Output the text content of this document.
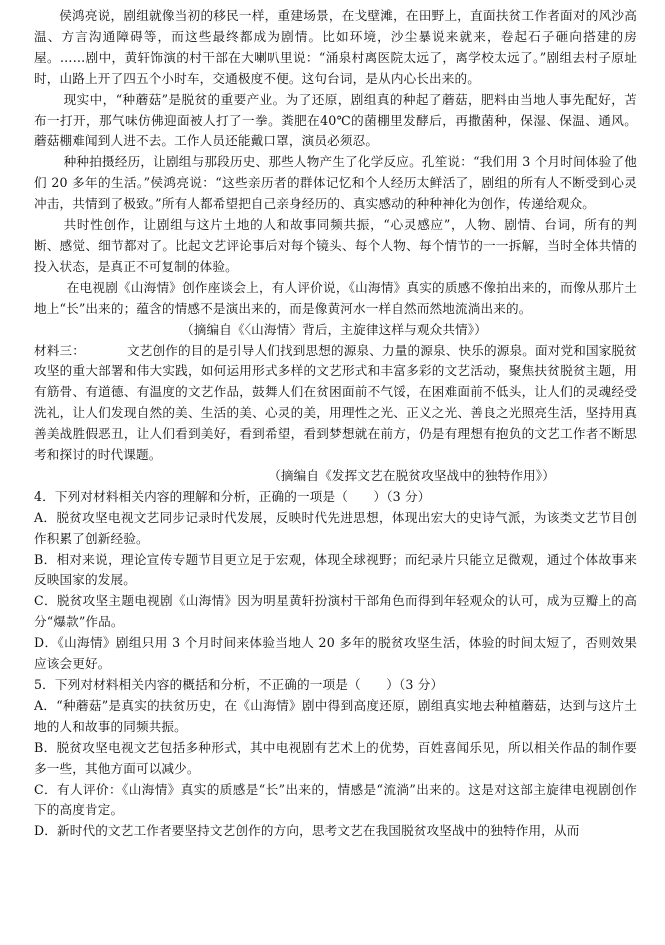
侯鸿亮说，剧组就像当初的移民一样，重建场景，在戈壁滩，在田野上，直面扶贫工作者面对的风沙高温、方言沟通障碍等，而这些最终都成为剧情。比如环境，沙尘暴说来就来，卷起石子砸向搭建的房屋。……剧中，黄轩饰演的村干部在大喇叭里说：“涌泉村离医院太远了，离学校太远了。”剧组去村子原址时，山路上开了四五个小时车，交通极度不便。这句台词，是从内心长出来的。

现实中，“种蘑菇”是脱贫的重要产业。为了还原，剧组真的种起了蘑菇，肥料由当地人事先配好，苫布一打开，那气味仿佛迎面被人打了一拳。粪肥在40℃的菌棚里发酵后，再撒菌种，保湿、保温、通风。蘑菇棚难闻到人进不去。工作人员还能戴口罩，演员必须忍。

种种拍摄经历，让剧组与那段历史、那些人物产生了化学反应。孔笙说：“我们用 3 个月时间体验了他们 20 多年的生活。”侯鸿亮说：“这些亲历者的群体记忆和个人经历太鲜活了，剧组的所有人不断受到心灵冲击，共情到了极致。”所有人都希望把自己亲身经历的、真实感动的种种神化为创作，传递给观众。

共时性创作，让剧组与这片土地的人和故事同频共振，“心灵感应”，人物、剧情、台词，所有的判断、感觉、细节都对了。比起文艺评论事后对每个镜头、每个人物、每个情节的一一拆解，当时全体共情的投入状态，是真正不可复制的体验。

在电视剧《山海情》创作座谈会上，有人评价说，《山海情》真实的质感不像拍出来的，而像从那片土地上“长”出来的；蕴含的情感不是演出来的，而是像黄河水一样自然而然地流淌出来的。

（摘编自《〈山海情〉背后，主旋律这样与观众共情》）

材料三：	文艺创作的目的是引导人们找到思想的源泉、力量的源泉、快乐的源泉。面对党和国家脱贫攻坚的重大部署和伟大实践，如何运用形式多样的文艺形式和丰富多彩的文艺活动，聚焦扶贫脱贫主题，用有筋骨、有道德、有温度的文艺作品，鼓舞人们在贫困面前不气馁，在困难面前不低头，让人们的灵魂经受洗礼，让人们发现自然的美、生活的美、心灵的美，用理性之光、正义之光、善良之光照亮生活，坚持用真善美战胜假恶丑，让人们看到美好，看到希望，看到梦想就在前方，仍是有理想有抱负的文艺工作者不断思考和探讨的时代课题。

（摘编自《发挥文艺在脱贫攻坚战中的独特作用》）

4．下列对材料相关内容的理解和分析，正确的一项是（　　）（3 分）

A．脱贫攻坚电视文艺同步记录时代发展，反映时代先进思想，体现出宏大的史诗气派，为该类文艺节目创作积累了创新经验。

B．相对来说，理论宣传专题节目更立足于宏观，体现全球视野；而纪录片只能立足微观，通过个体故事来反映国家的发展。

C．脱贫攻坚主题电视剧《山海情》因为明星黄轩扮演村干部角色而得到年轻观众的认可，成为豆瓣上的高分“爆款”作品。

D．《山海情》剧组只用 3 个月时间来体验当地人 20 多年的脱贫攻坚生活，体验的时间太短了，否则效果应该会更好。

5．下列对材料相关内容的概括和分析，不正确的一项是（　　）（3 分）

A．“种蘑菇”是真实的扶贫历史，在《山海情》剧中得到高度还原，剧组真实地去种植蘑菇，达到与这片土地的人和故事的同频共振。

B．脱贫攻坚电视文艺包括多种形式，其中电视剧有艺术上的优势，百姓喜闻乐见，所以相关作品的制作要多一些，其他方面可以减少。

C．有人评价：《山海情》真实的质感是“长”出来的，情感是“流淌”出来的。这是对这部主旋律电视剧创作下的高度肯定。

D．新时代的文艺工作者要坚持文艺创作的方向，思考文艺在我国脱贫攻坚战中的独特作用，从而
